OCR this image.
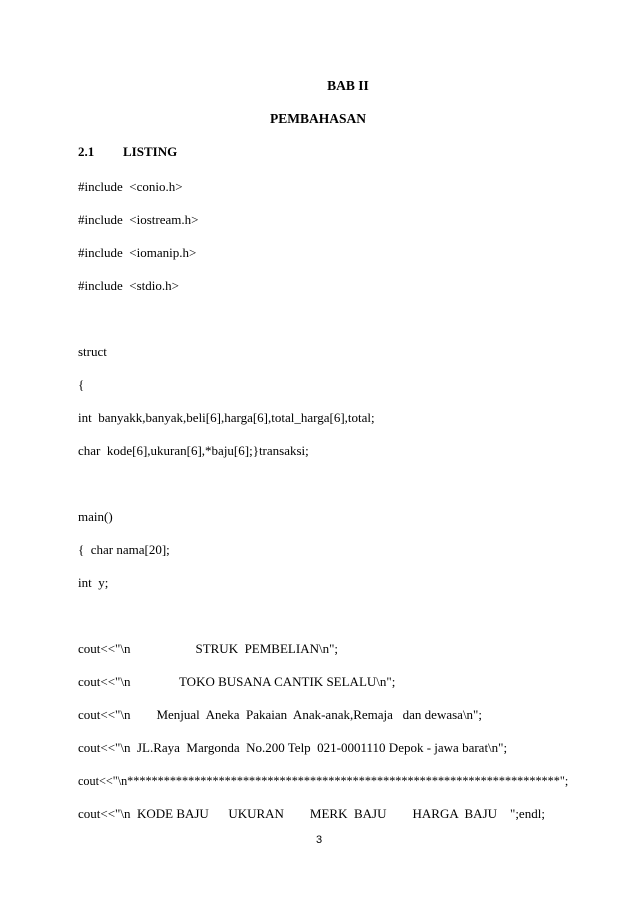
BAB II
PEMBAHASAN
2.1 LISTING
#include  <conio.h>
#include  <iostream.h>
#include  <iomanip.h>
#include  <stdio.h>
struct
{
int  banyakk,banyak,beli[6],harga[6],total_harga[6],total;
char  kode[6],ukuran[6],*baju[6];}transaksi;
main()
{  char nama[20];
int  y;
cout<<"\n                    STRUK  PEMBELIAN\n";
cout<<"\n               TOKO BUSANA CANTIK SELALU\n";
cout<<"\n        Menjual  Aneka  Pakaian  Anak-anak,Remaja   dan dewasa\n";
cout<<"\n  JL.Raya  Margonda  No.200 Telp  021-0001110 Depok - jawa barat\n";
cout<<"\n***********************************************************************";
cout<<"\n  KODE BAJU      UKURAN        MERK  BAJU        HARGA  BAJU    ";endl;
3
